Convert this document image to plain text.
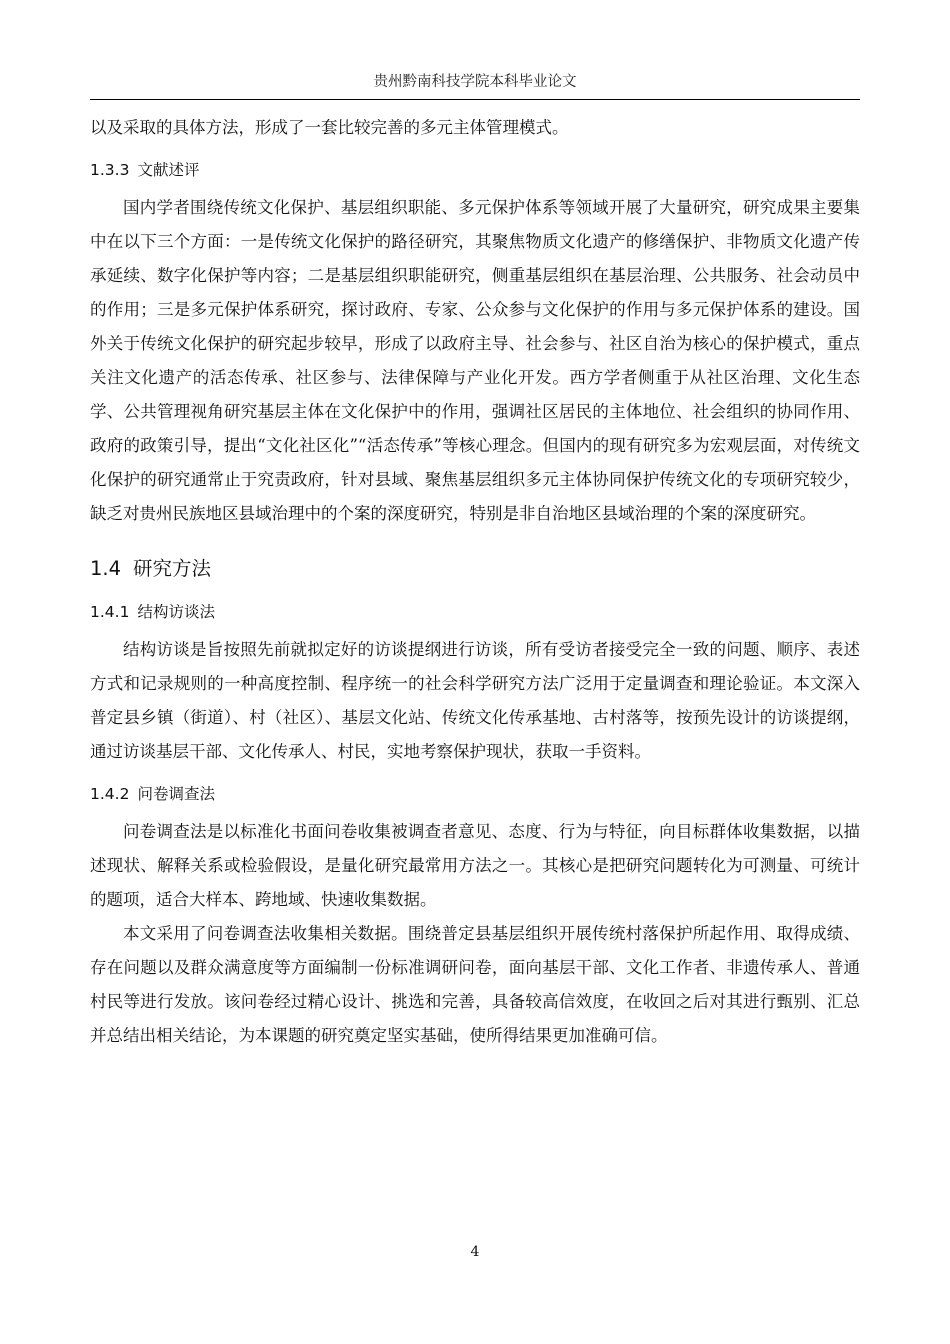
贵州黔南科技学院本科毕业论文

以及采取的具体方法，形成了一套比较完善的多元主体管理模式。

1.3.3 文献述评

国内学者围绕传统文化保护、基层组织职能、多元保护体系等领域开展了大量研究，研究成果主要集中在以下三个方面：一是传统文化保护的路径研究，其聚焦物质文化遗产的修缮保护、非物质文化遗产传承延续、数字化保护等内容；二是基层组织职能研究，侧重基层组织在基层治理、公共服务、社会动员中的作用；三是多元保护体系研究，探讨政府、专家、公众参与文化保护的作用与多元保护体系的建设。国外关于传统文化保护的研究起步较早，形成了以政府主导、社会参与、社区自治为核心的保护模式，重点关注文化遗产的活态传承、社区参与、法律保障与产业化开发。西方学者侧重于从社区治理、文化生态学、公共管理视角研究基层主体在文化保护中的作用，强调社区居民的主体地位、社会组织的协同作用、政府的政策引导，提出“文化社区化”“活态传承”等核心理念。但国内的现有研究多为宏观层面，对传统文化保护的研究通常止于究责政府，针对县域、聚焦基层组织多元主体协同保护传统文化的专项研究较少，缺乏对贵州民族地区县域治理中的个案的深度研究，特别是非自治地区县域治理的个案的深度研究。

1.4 研究方法
1.4.1 结构访谈法

结构访谈是旨按照先前就拟定好的访谈提纲进行访谈，所有受访者接受完全一致的问题、顺序、表述方式和记录规则的一种高度控制、程序统一的社会科学研究方法广泛用于定量调查和理论验证。本文深入普定县乡镇（街道）、村（社区）、基层文化站、传统文化传承基地、古村落等，按预先设计的访谈提纲，通过访谈基层干部、文化传承人、村民，实地考察保护现状，获取一手资料。

1.4.2 问卷调查法

问卷调查法是以标准化书面问卷收集被调查者意见、态度、行为与特征，向目标群体收集数据，以描述现状、解释关系或检验假设，是量化研究最常用方法之一。其核心是把研究问题转化为可测量、可统计的题项，适合大样本、跨地域、快速收集数据。

本文采用了问卷调查法收集相关数据。围绕普定县基层组织开展传统村落保护所起作用、取得成绩、存在问题以及群众满意度等方面编制一份标准调研问卷，面向基层干部、文化工作者、非遗传承人、普通村民等进行发放。该问卷经过精心设计、挑选和完善，具备较高信效度，在收回之后对其进行甄别、汇总并总结出相关结论，为本课题的研究奠定坚实基础，使所得结果更加准确可信。

4
